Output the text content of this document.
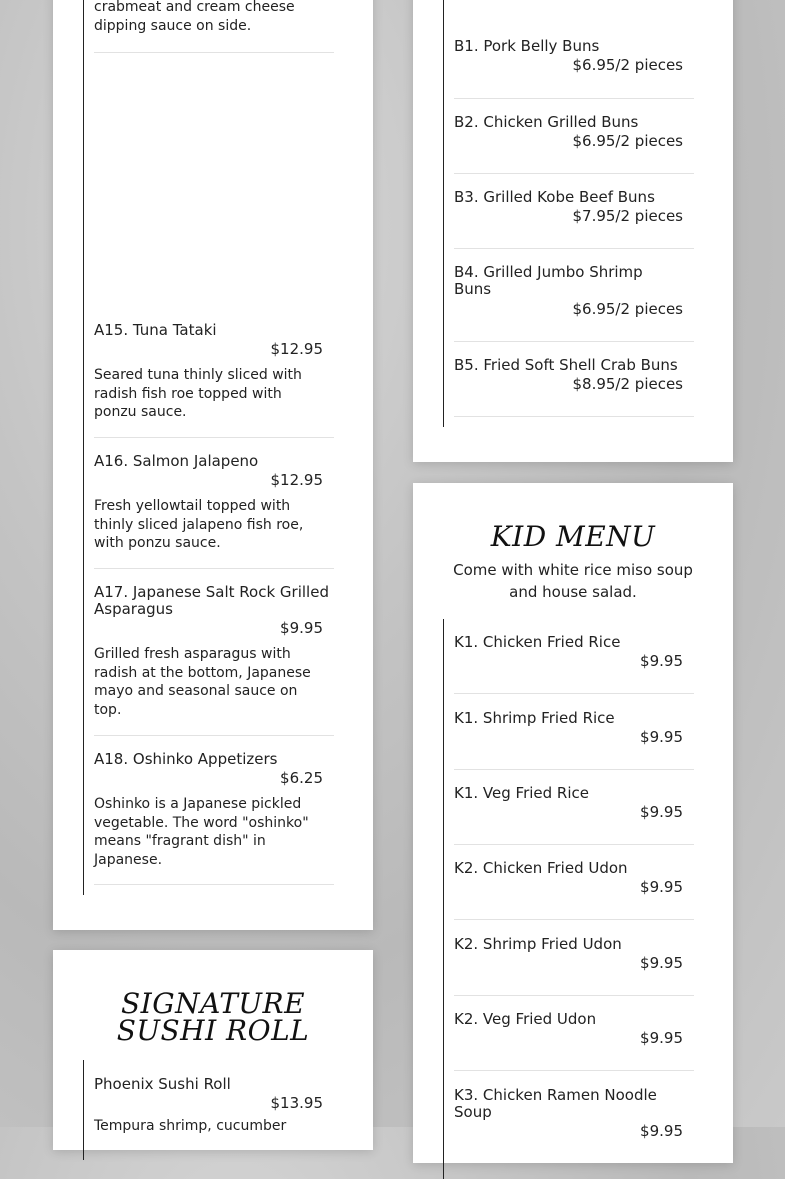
crabmeat and cream cheese dipping sauce on side.
A15. Tuna Tataki
$12.95
Seared tuna thinly sliced with radish fish roe topped with ponzu sauce.
A16. Salmon Jalapeno
$12.95
Fresh yellowtail topped with thinly sliced jalapeno fish roe, with ponzu sauce.
A17. Japanese Salt Rock Grilled Asparagus
$9.95
Grilled fresh asparagus with radish at the bottom, Japanese mayo and seasonal sauce on top.
A18. Oshinko Appetizers
$6.25
Oshinko is a Japanese pickled vegetable. The word "oshinko" means "fragrant dish" in Japanese.
SIGNATURE SUSHI ROLL
Phoenix Sushi Roll
$13.95
Tempura shrimp, cucumber
B1. Pork Belly Buns
$6.95/2 pieces
B2. Chicken Grilled Buns
$6.95/2 pieces
B3. Grilled Kobe Beef Buns
$7.95/2 pieces
B4. Grilled Jumbo Shrimp Buns
$6.95/2 pieces
B5. Fried Soft Shell Crab Buns
$8.95/2 pieces
KID MENU
Come with white rice miso soup and house salad.
K1. Chicken Fried Rice
$9.95
K1. Shrimp Fried Rice
$9.95
K1. Veg Fried Rice
$9.95
K2. Chicken Fried Udon
$9.95
K2. Shrimp Fried Udon
$9.95
K2. Veg Fried Udon
$9.95
K3. Chicken Ramen Noodle Soup
$9.95
